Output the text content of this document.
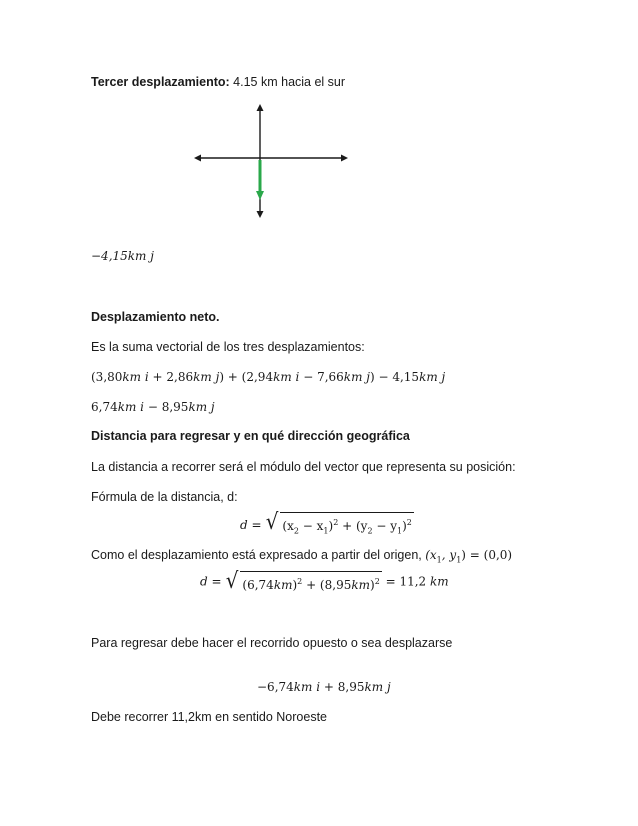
Tercer desplazamiento: 4.15 km hacia el sur
−4,15km j
Desplazamiento neto.
Es la suma vectorial de los tres desplazamientos:
(3,80km i + 2,86km j) + (2,94km i − 7,66km j) − 4,15km j
6,74km i − 8,95km j
Distancia para regresar y en qué dirección geográfica
La distancia a recorrer será el módulo del vector que representa su posición:
Fórmula de la distancia, d:
d = √ $(x_2 - x_1)^2 + (y_2 - y_1)^2$
Como el desplazamiento está expresado a partir del origen, ($x_1$, $y_1) = (0,0)$
d = √ $(6,74km)^2 + (8,95km)^2 = 11,2$ km
Para regresar debe hacer el recorrido opuesto o sea desplazarse
−6,74km i + 8,95km j
Debe recorrer 11,2km en sentido Noroeste
